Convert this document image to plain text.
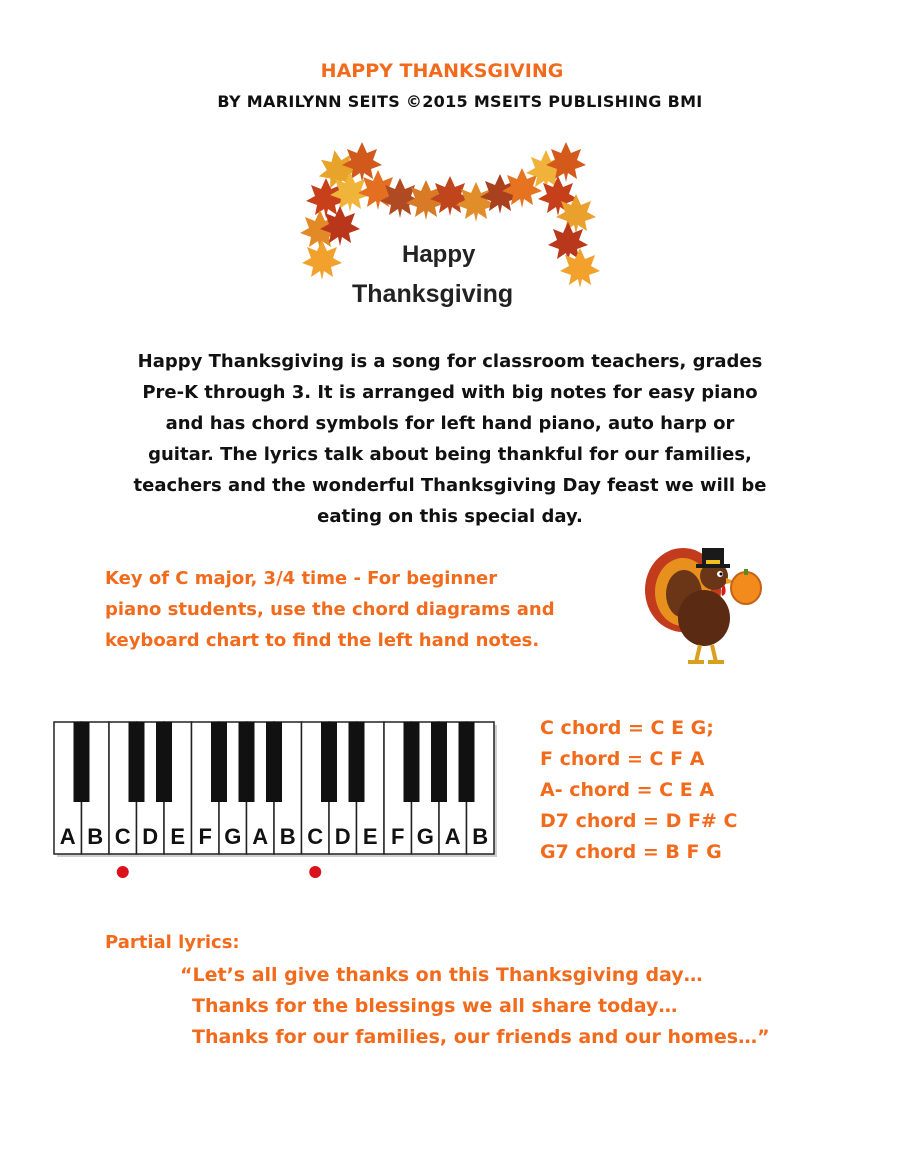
HAPPY THANKSGIVING
BY MARILYNN SEITS ©2015 MSEITS PUBLISHING BMI
Happy
Thanksgiving
Happy Thanksgiving is a song for classroom teachers, grades
Pre-K through 3. It is arranged with big notes for easy piano
and has chord symbols for left hand piano, auto harp or
guitar. The lyrics talk about being thankful for our families,
teachers and the wonderful Thanksgiving Day feast we will be
eating on this special day.
Key of C major, 3/4 time - For beginner
piano students, use the chord diagrams and
keyboard chart to find the left hand notes.
A B C D E F G A B C D E F G A B
C chord = C E G;
F chord = C F A
A- chord = C E A
D7 chord = D F# C
G7 chord = B F G
Partial lyrics:
“Let’s all give thanks on this Thanksgiving day…
Thanks for the blessings we all share today…
Thanks for our families, our friends and our homes…”
